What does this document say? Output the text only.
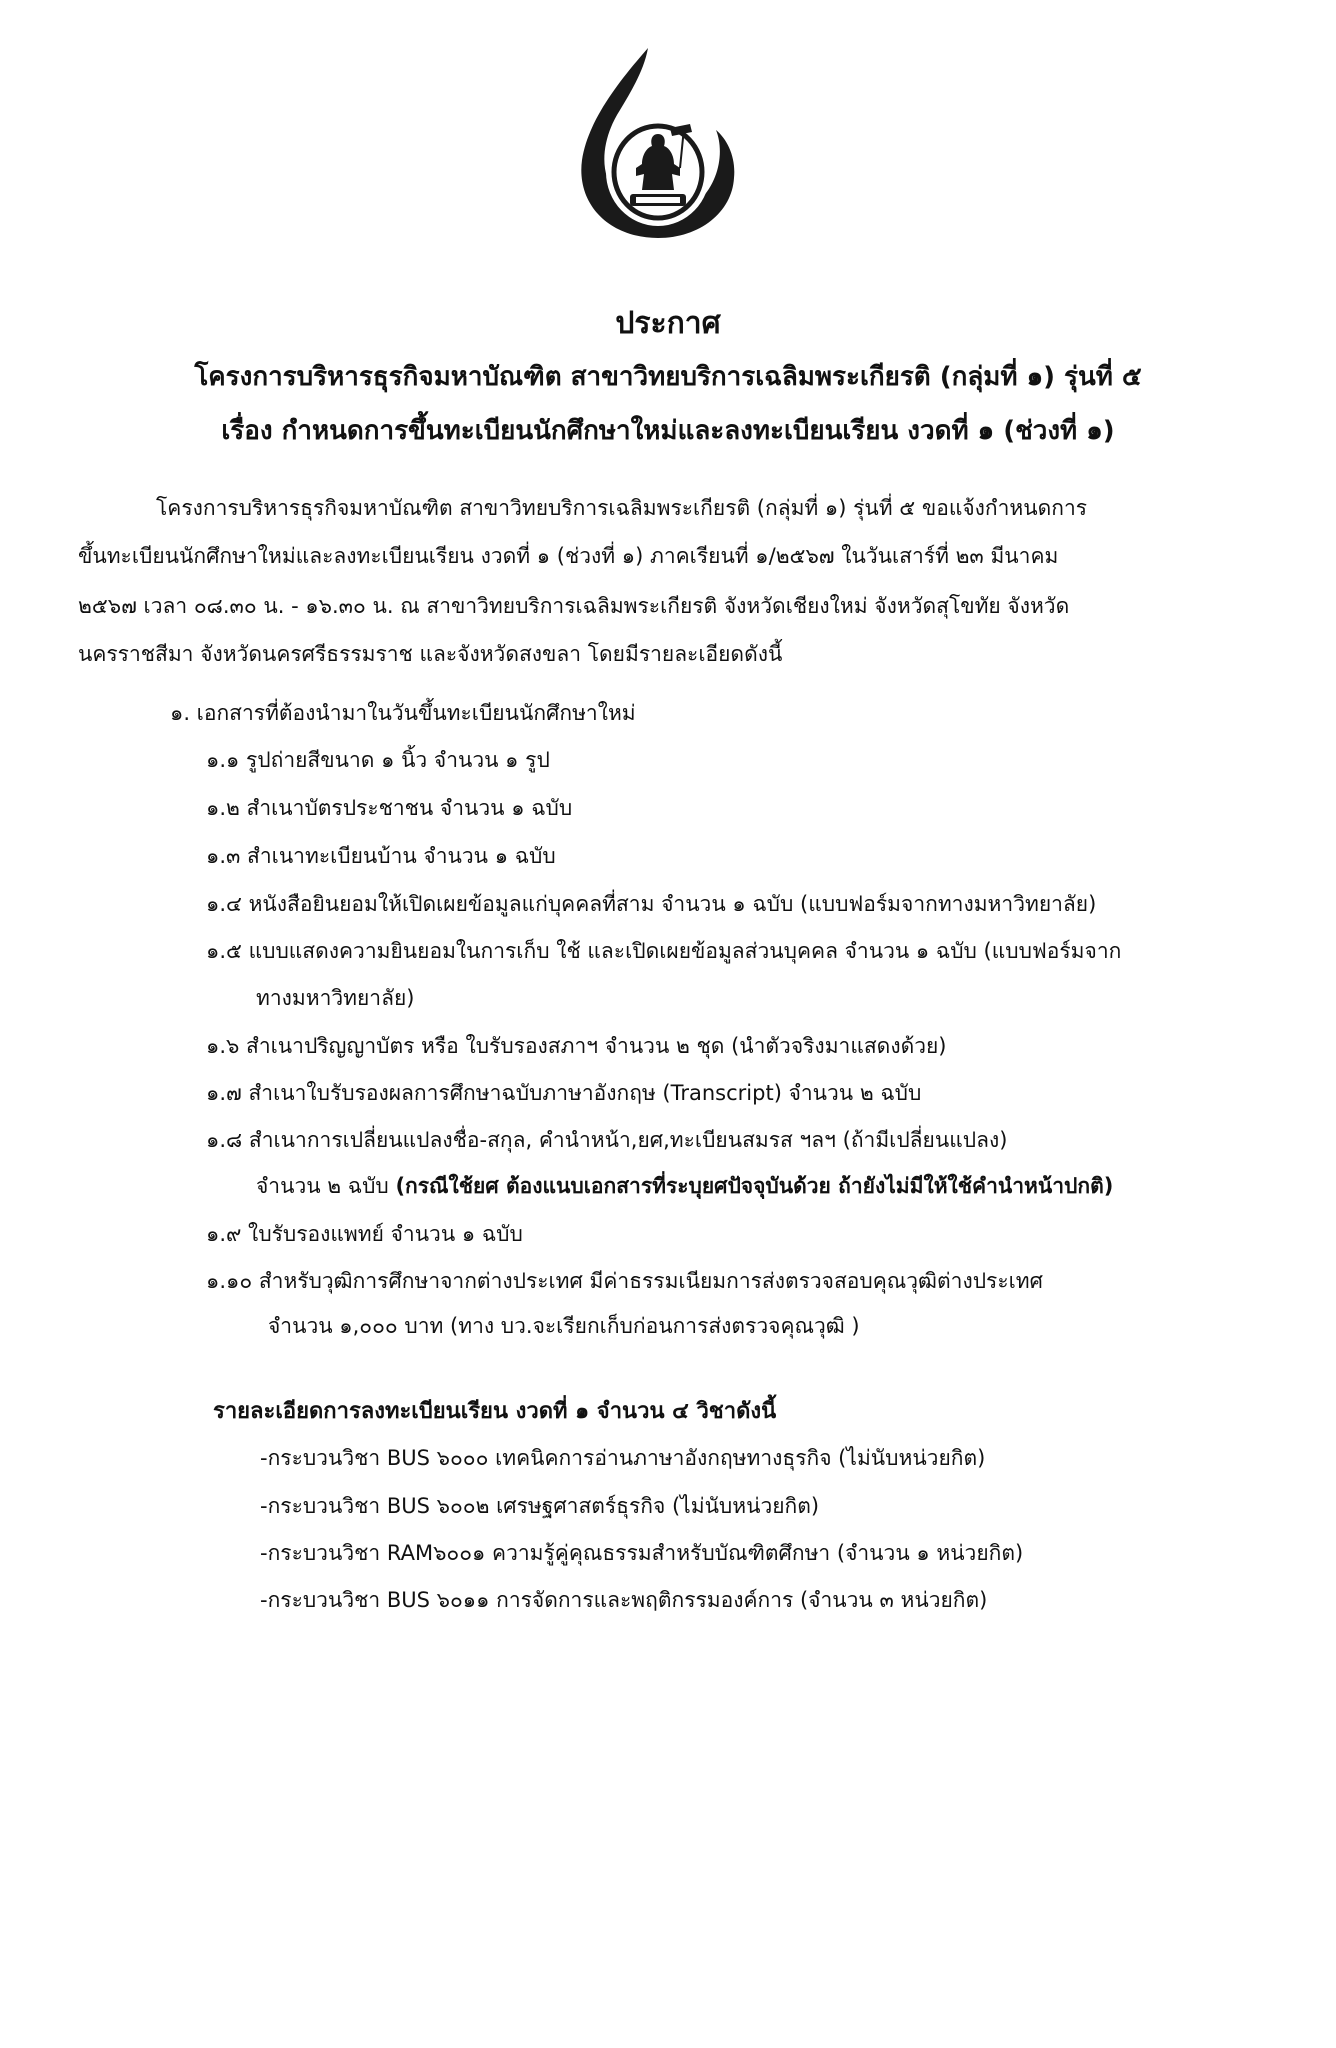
ประกาศ
โครงการบริหารธุรกิจมหาบัณฑิต สาขาวิทยบริการเฉลิมพระเกียรติ (กลุ่มที่ ๑) รุ่นที่ ๕
เรื่อง กำหนดการขึ้นทะเบียนนักศึกษาใหม่และลงทะเบียนเรียน งวดที่ ๑ (ช่วงที่ ๑)
โครงการบริหารธุรกิจมหาบัณฑิต สาขาวิทยบริการเฉลิมพระเกียรติ (กลุ่มที่ ๑) รุ่นที่ ๕ ขอแจ้งกำหนดการ
ขึ้นทะเบียนนักศึกษาใหม่และลงทะเบียนเรียน งวดที่ ๑ (ช่วงที่ ๑) ภาคเรียนที่ ๑/๒๕๖๗ ในวันเสาร์ที่ ๒๓ มีนาคม
๒๕๖๗ เวลา ๐๘.๓๐ น. - ๑๖.๓๐ น. ณ สาขาวิทยบริการเฉลิมพระเกียรติ จังหวัดเชียงใหม่ จังหวัดสุโขทัย จังหวัด
นครราชสีมา จังหวัดนครศรีธรรมราช และจังหวัดสงขลา โดยมีรายละเอียดดังนี้
๑. เอกสารที่ต้องนำมาในวันขึ้นทะเบียนนักศึกษาใหม่
๑.๑ รูปถ่ายสีขนาด ๑ นิ้ว จำนวน ๑ รูป
๑.๒ สำเนาบัตรประชาชน จำนวน ๑ ฉบับ
๑.๓ สำเนาทะเบียนบ้าน จำนวน ๑ ฉบับ
๑.๔ หนังสือยินยอมให้เปิดเผยข้อมูลแก่บุคคลที่สาม จำนวน ๑ ฉบับ (แบบฟอร์มจากทางมหาวิทยาลัย)
๑.๕ แบบแสดงความยินยอมในการเก็บ ใช้ และเปิดเผยข้อมูลส่วนบุคคล จำนวน ๑ ฉบับ (แบบฟอร์มจาก
ทางมหาวิทยาลัย)
๑.๖ สำเนาปริญญาบัตร หรือ ใบรับรองสภาฯ จำนวน ๒ ชุด (นำตัวจริงมาแสดงด้วย)
๑.๗ สำเนาใบรับรองผลการศึกษาฉบับภาษาอังกฤษ (Transcript) จำนวน ๒ ฉบับ
๑.๘ สำเนาการเปลี่ยนแปลงชื่อ-สกุล, คำนำหน้า,ยศ,ทะเบียนสมรส ฯลฯ (ถ้ามีเปลี่ยนแปลง)
จำนวน ๒ ฉบับ (กรณีใช้ยศ ต้องแนบเอกสารที่ระบุยศปัจจุบันด้วย ถ้ายังไม่มีให้ใช้คำนำหน้าปกติ)
๑.๙ ใบรับรองแพทย์ จำนวน ๑ ฉบับ
๑.๑๐ สำหรับวุฒิการศึกษาจากต่างประเทศ มีค่าธรรมเนียมการส่งตรวจสอบคุณวุฒิต่างประเทศ
จำนวน ๑,๐๐๐ บาท (ทาง บว.จะเรียกเก็บก่อนการส่งตรวจคุณวุฒิ )
รายละเอียดการลงทะเบียนเรียน งวดที่ ๑ จำนวน ๔ วิชาดังนี้
-กระบวนวิชา BUS ๖๐๐๐ เทคนิคการอ่านภาษาอังกฤษทางธุรกิจ (ไม่นับหน่วยกิต)
-กระบวนวิชา BUS ๖๐๐๒ เศรษฐศาสตร์ธุรกิจ (ไม่นับหน่วยกิต)
-กระบวนวิชา RAM๖๐๐๑ ความรู้คู่คุณธรรมสำหรับบัณฑิตศึกษา (จำนวน ๑ หน่วยกิต)
-กระบวนวิชา BUS ๖๐๑๑ การจัดการและพฤติกรรมองค์การ (จำนวน ๓ หน่วยกิต)
